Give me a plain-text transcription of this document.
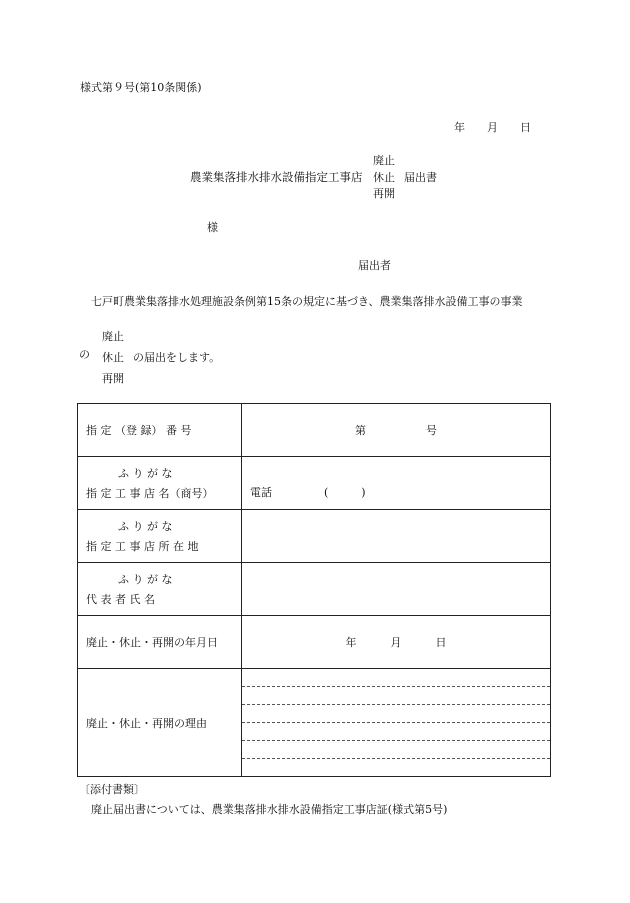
様式第９号(第10条関係)
年 月 日
農業集落排水排水設備指定工事店
廃止
休止
再開
届出書
様
届出者
七戸町農業集落排水処理施設条例第15条の規定に基づき、農業集落排水設備工事の事業
廃止
の 休止 の届出をします。
再開
指 定 （登 録） 番 号	第 号

ふ り が な
指 定 工 事 店 名（商号）	電話 (　　　)

ふ り が な
指 定 工 事 店 所 在 地	

ふ り が な
代 表 者 氏 名	

廃止・休止・再開の年月日	年 月 日

廃止・休止・再開の理由	

〔添付書類〕
廃止届出書については、農業集落排水排水設備指定工事店証(様式第5号)
